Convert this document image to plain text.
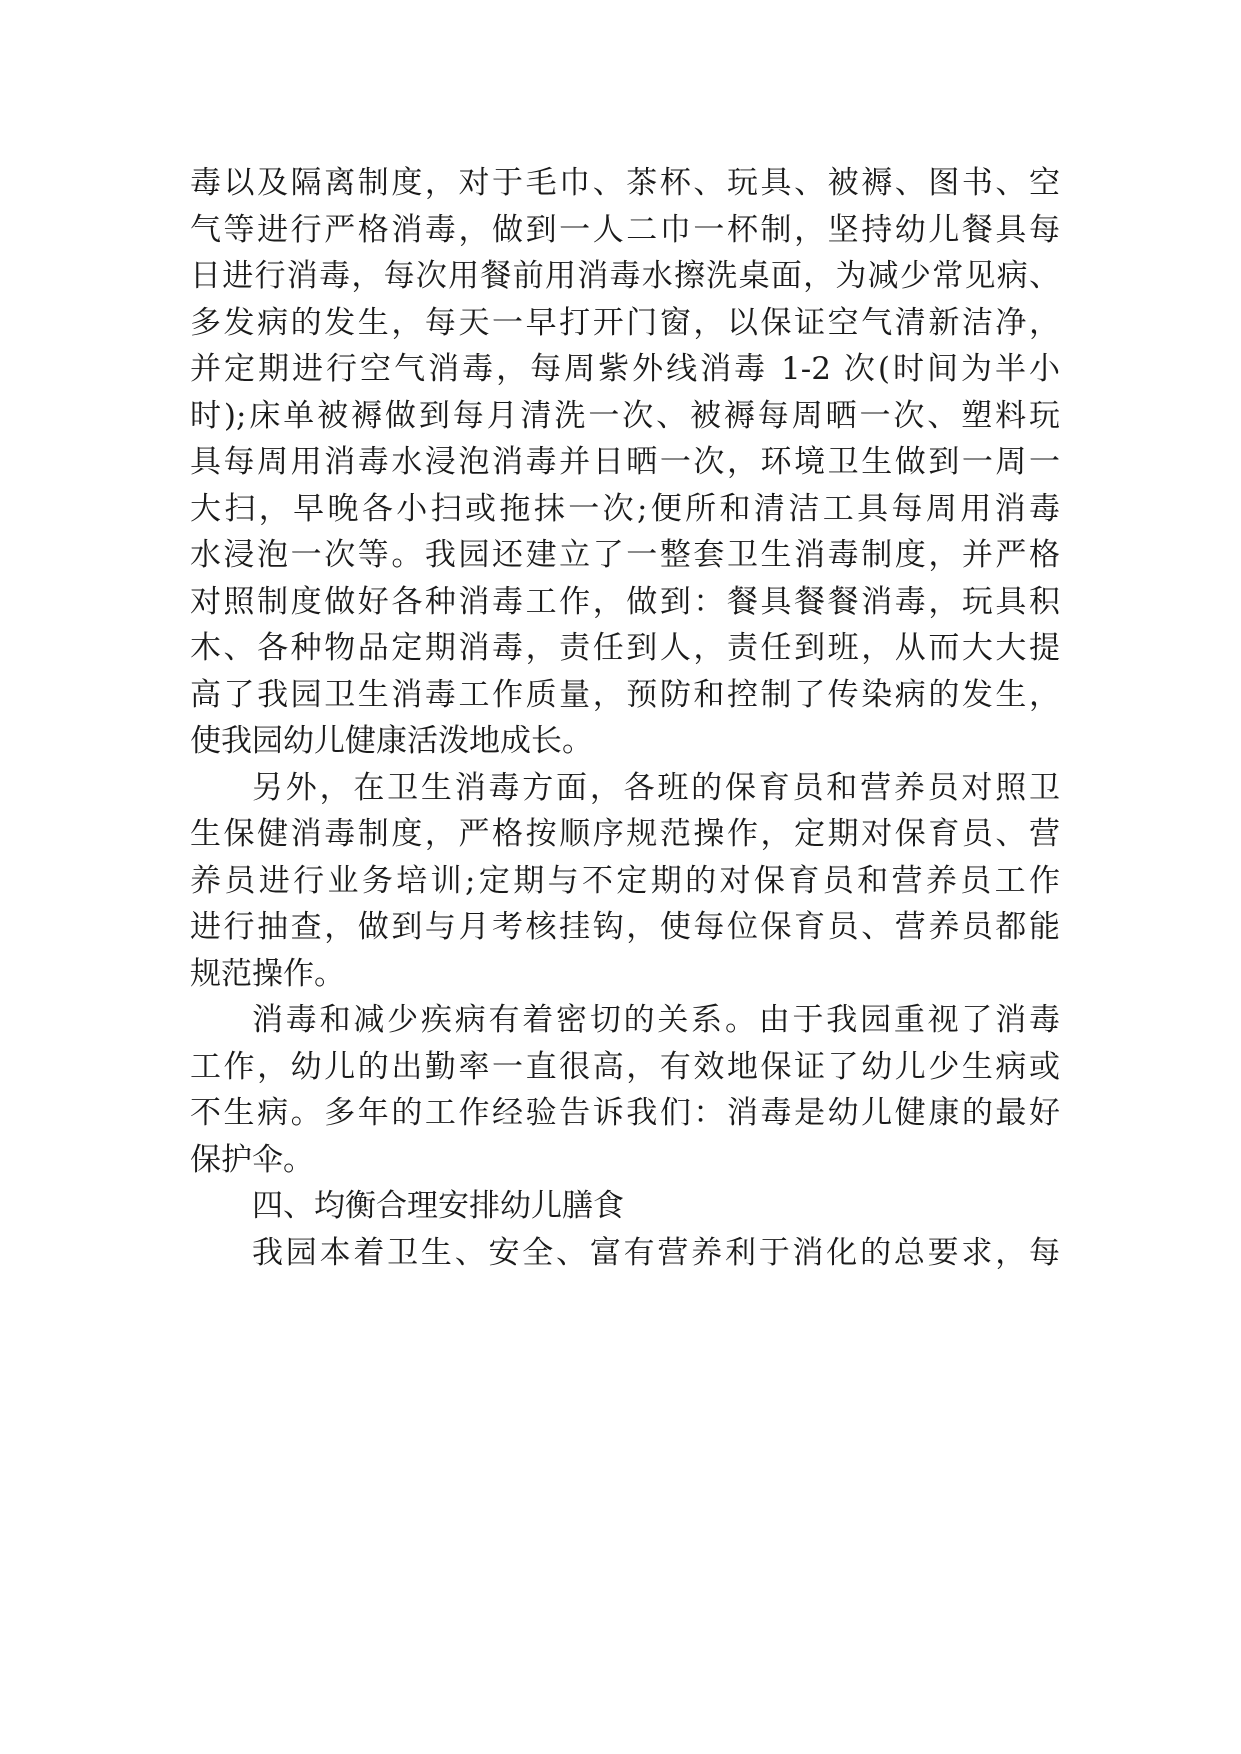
毒以及隔离制度，对于毛巾、茶杯、玩具、被褥、图书、空
气等进行严格消毒，做到一人二巾一杯制，坚持幼儿餐具每
日进行消毒，每次用餐前用消毒水擦洗桌面，为减少常见病、
多发病的发生，每天一早打开门窗，以保证空气清新洁净，
并定期进行空气消毒，每周紫外线消毒 1-2 次(时间为半小
时);床单被褥做到每月清洗一次、被褥每周晒一次、塑料玩
具每周用消毒水浸泡消毒并日晒一次，环境卫生做到一周一
大扫，早晚各小扫或拖抹一次;便所和清洁工具每周用消毒
水浸泡一次等。我园还建立了一整套卫生消毒制度，并严格
对照制度做好各种消毒工作，做到：餐具餐餐消毒，玩具积
木、各种物品定期消毒，责任到人，责任到班，从而大大提
高了我园卫生消毒工作质量，预防和控制了传染病的发生，
使我园幼儿健康活泼地成长。
另外，在卫生消毒方面，各班的保育员和营养员对照卫
生保健消毒制度，严格按顺序规范操作，定期对保育员、营
养员进行业务培训;定期与不定期的对保育员和营养员工作
进行抽查，做到与月考核挂钩，使每位保育员、营养员都能
规范操作。
消毒和减少疾病有着密切的关系。由于我园重视了消毒
工作，幼儿的出勤率一直很高，有效地保证了幼儿少生病或
不生病。多年的工作经验告诉我们：消毒是幼儿健康的最好
保护伞。
四、均衡合理安排幼儿膳食
我园本着卫生、安全、富有营养利于消化的总要求，每
